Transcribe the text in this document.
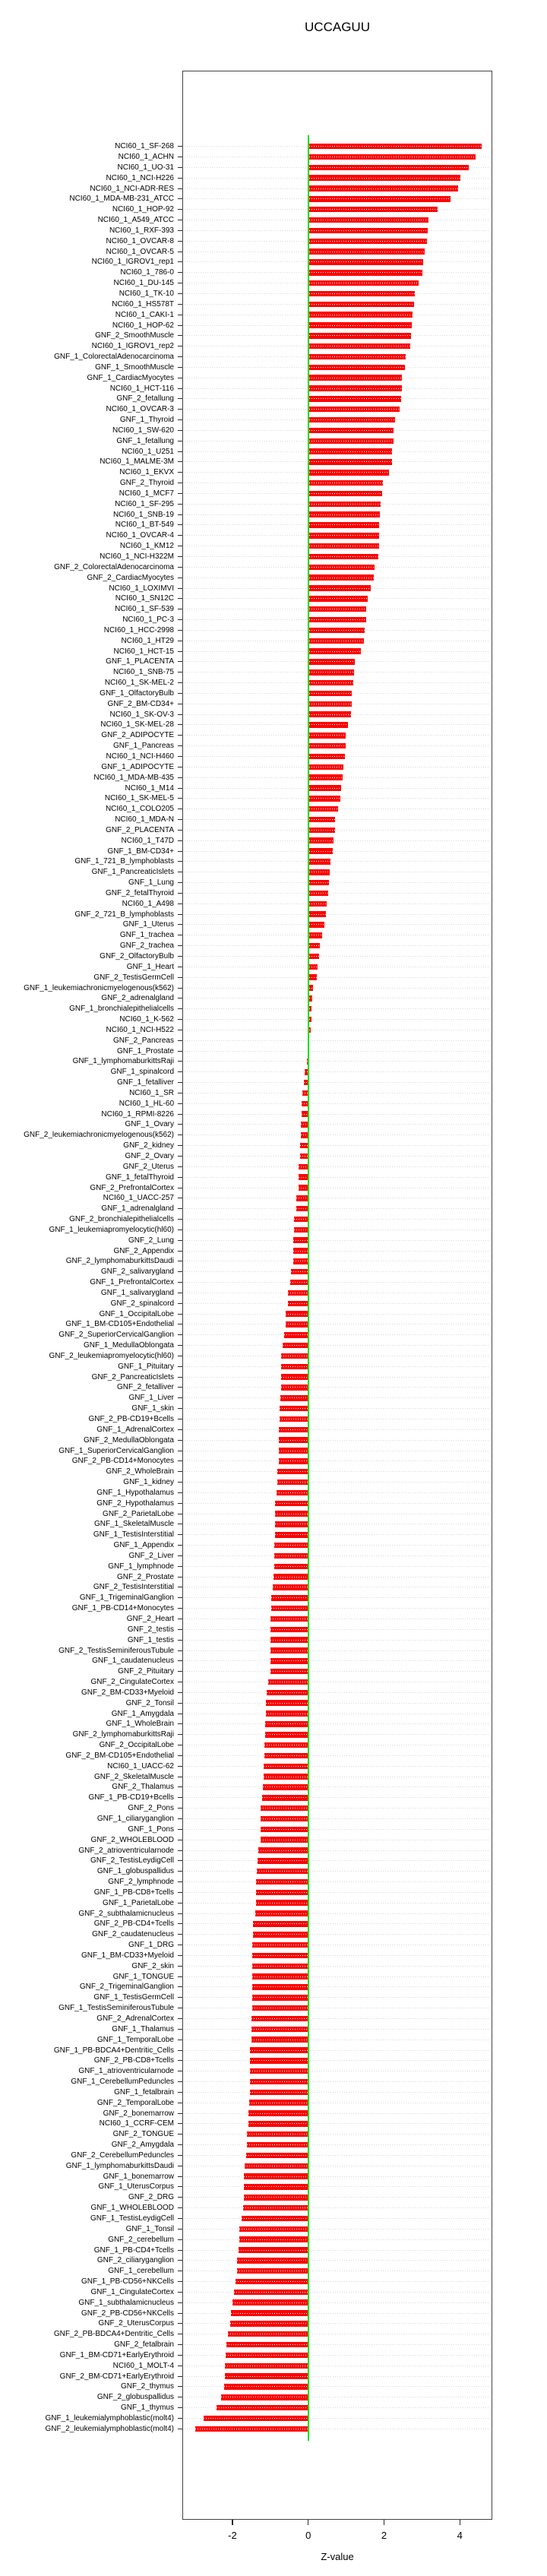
UCCAGUU
NCI60_1_SF-268
NCI60_1_ACHN
NCI60_1_UO-31
NCI60_1_NCI-H226
NCI60_1_NCI-ADR-RES
NCI60_1_MDA-MB-231_ATCC
NCI60_1_HOP-92
NCI60_1_A549_ATCC
NCI60_1_RXF-393
NCI60_1_OVCAR-8
NCI60_1_OVCAR-5
NCI60_1_IGROV1_rep1
NCI60_1_786-0
NCI60_1_DU-145
NCI60_1_TK-10
NCI60_1_HS578T
NCI60_1_CAKI-1
NCI60_1_HOP-62
GNF_2_SmoothMuscle
NCI60_1_IGROV1_rep2
GNF_1_ColorectalAdenocarcinoma
GNF_1_SmoothMuscle
GNF_1_CardiacMyocytes
NCI60_1_HCT-116
GNF_2_fetallung
NCI60_1_OVCAR-3
GNF_1_Thyroid
NCI60_1_SW-620
GNF_1_fetallung
NCI60_1_U251
NCI60_1_MALME-3M
NCI60_1_EKVX
GNF_2_Thyroid
NCI60_1_MCF7
NCI60_1_SF-295
NCI60_1_SNB-19
NCI60_1_BT-549
NCI60_1_OVCAR-4
NCI60_1_KM12
NCI60_1_NCI-H322M
GNF_2_ColorectalAdenocarcinoma
GNF_2_CardiacMyocytes
NCI60_1_LOXIMVI
NCI60_1_SN12C
NCI60_1_SF-539
NCI60_1_PC-3
NCI60_1_HCC-2998
NCI60_1_HT29
NCI60_1_HCT-15
GNF_1_PLACENTA
NCI60_1_SNB-75
NCI60_1_SK-MEL-2
GNF_1_OlfactoryBulb
GNF_2_BM-CD34+
NCI60_1_SK-OV-3
NCI60_1_SK-MEL-28
GNF_2_ADIPOCYTE
GNF_1_Pancreas
NCI60_1_NCI-H460
GNF_1_ADIPOCYTE
NCI60_1_MDA-MB-435
NCI60_1_M14
NCI60_1_SK-MEL-5
NCI60_1_COLO205
NCI60_1_MDA-N
GNF_2_PLACENTA
NCI60_1_T47D
GNF_1_BM-CD34+
GNF_1_721_B_lymphoblasts
GNF_1_PancreaticIslets
GNF_1_Lung
GNF_2_fetalThyroid
NCI60_1_A498
GNF_2_721_B_lymphoblasts
GNF_1_Uterus
GNF_1_trachea
GNF_2_trachea
GNF_2_OlfactoryBulb
GNF_1_Heart
GNF_2_TestisGermCell
GNF_1_leukemiachronicmyelogenous(k562)
GNF_2_adrenalgland
GNF_1_bronchialepithelialcells
NCI60_1_K-562
NCI60_1_NCI-H522
GNF_2_Pancreas
GNF_1_Prostate
GNF_1_lymphomaburkittsRaji
GNF_1_spinalcord
GNF_1_fetalliver
NCI60_1_SR
NCI60_1_HL-60
NCI60_1_RPMI-8226
GNF_1_Ovary
GNF_2_leukemiachronicmyelogenous(k562)
GNF_2_kidney
GNF_2_Ovary
GNF_2_Uterus
GNF_1_fetalThyroid
GNF_2_PrefrontalCortex
NCI60_1_UACC-257
GNF_1_adrenalgland
GNF_2_bronchialepithelialcells
GNF_1_leukemiapromyelocytic(hl60)
GNF_2_Lung
GNF_2_Appendix
GNF_2_lymphomaburkittsDaudi
GNF_2_salivarygland
GNF_1_PrefrontalCortex
GNF_1_salivarygland
GNF_2_spinalcord
GNF_1_OccipitalLobe
GNF_1_BM-CD105+Endothelial
GNF_2_SuperiorCervicalGanglion
GNF_1_MedullaOblongata
GNF_2_leukemiapromyelocytic(hl60)
GNF_1_Pituitary
GNF_2_PancreaticIslets
GNF_2_fetalliver
GNF_1_Liver
GNF_1_skin
GNF_2_PB-CD19+Bcells
GNF_1_AdrenalCortex
GNF_2_MedullaOblongata
GNF_1_SuperiorCervicalGanglion
GNF_2_PB-CD14+Monocytes
GNF_2_WholeBrain
GNF_1_kidney
GNF_1_Hypothalamus
GNF_2_Hypothalamus
GNF_2_ParietalLobe
GNF_1_SkeletalMuscle
GNF_1_TestisInterstitial
GNF_1_Appendix
GNF_2_Liver
GNF_1_lymphnode
GNF_2_Prostate
GNF_2_TestisInterstitial
GNF_1_TrigeminalGanglion
GNF_1_PB-CD14+Monocytes
GNF_2_Heart
GNF_2_testis
GNF_1_testis
GNF_2_TestisSeminiferousTubule
GNF_1_caudatenucleus
GNF_2_Pituitary
GNF_2_CingulateCortex
GNF_2_BM-CD33+Myeloid
GNF_2_Tonsil
GNF_1_Amygdala
GNF_1_WholeBrain
GNF_2_lymphomaburkittsRaji
GNF_2_OccipitalLobe
GNF_2_BM-CD105+Endothelial
NCI60_1_UACC-62
GNF_2_SkeletalMuscle
GNF_2_Thalamus
GNF_1_PB-CD19+Bcells
GNF_2_Pons
GNF_1_ciliaryganglion
GNF_1_Pons
GNF_2_WHOLEBLOOD
GNF_2_atrioventricularnode
GNF_2_TestisLeydigCell
GNF_1_globuspallidus
GNF_2_lymphnode
GNF_1_PB-CD8+Tcells
GNF_1_ParietalLobe
GNF_2_subthalamicnucleus
GNF_2_PB-CD4+Tcells
GNF_2_caudatenucleus
GNF_1_DRG
GNF_1_BM-CD33+Myeloid
GNF_2_skin
GNF_1_TONGUE
GNF_2_TrigeminalGanglion
GNF_1_TestisGermCell
GNF_1_TestisSeminiferousTubule
GNF_2_AdrenalCortex
GNF_1_Thalamus
GNF_1_TemporalLobe
GNF_1_PB-BDCA4+Dentritic_Cells
GNF_2_PB-CD8+Tcells
GNF_1_atrioventricularnode
GNF_1_CerebellumPeduncles
GNF_1_fetalbrain
GNF_2_TemporalLobe
GNF_2_bonemarrow
NCI60_1_CCRF-CEM
GNF_2_TONGUE
GNF_2_Amygdala
GNF_2_CerebellumPeduncles
GNF_1_lymphomaburkittsDaudi
GNF_1_bonemarrow
GNF_1_UterusCorpus
GNF_2_DRG
GNF_1_WHOLEBLOOD
GNF_1_TestisLeydigCell
GNF_1_Tonsil
GNF_2_cerebellum
GNF_1_PB-CD4+Tcells
GNF_2_ciliaryganglion
GNF_1_cerebellum
GNF_1_PB-CD56+NKCells
GNF_1_CingulateCortex
GNF_1_subthalamicnucleus
GNF_2_PB-CD56+NKCells
GNF_2_UterusCorpus
GNF_2_PB-BDCA4+Dentritic_Cells
GNF_2_fetalbrain
GNF_1_BM-CD71+EarlyErythroid
NCI60_1_MOLT-4
GNF_2_BM-CD71+EarlyErythroid
GNF_2_thymus
GNF_2_globuspallidus
GNF_1_thymus
GNF_1_leukemialymphoblastic(molt4)
GNF_2_leukemialymphoblastic(molt4)
-2	0	2	4
Z-value
